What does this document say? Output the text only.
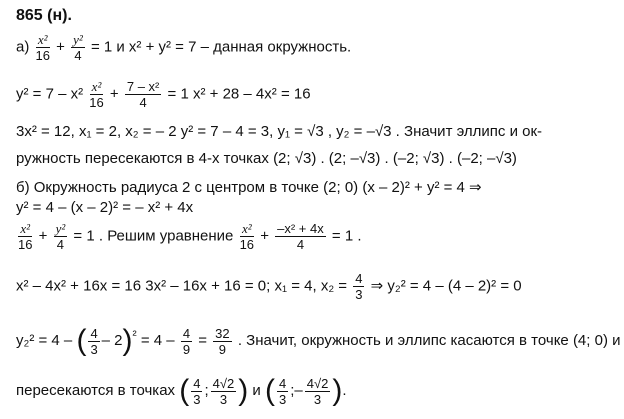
865 (н).
$а) \frac{\text{x²}}{16} + \frac{\text{y²}}{4} = 1$ и x² + y² = 7 – данная окружность.
$y^2 = 7 - x^2 \frac{\text{x²}}{16} + \frac{\text{7 – x²}}{4} = 1$ x² + 28 – 4x² = 16
3x² = 12, x₁ = 2, x₂ = – 2 y² = 7 – 4 = 3, y₁ = √3 , y₂ = –√3 . Значит эллипс и ок-
ружность пересекаются в 4-х точках (2; √3) . (2; –√3) . (–2; √3) . (–2; –√3)
б) Окружность радиуса 2 с центром в точке (2; 0) (x – 2)² + y² = 4 ⇒
y² = 4 – (x – 2)² = – x² + 4x
$\frac{\text{x²}}{16} + \frac{\text{y²}}{4} = 1$ . Решим уравнение $\frac{\text{x²}}{16} + \frac{\text{–x² + 4x}}{4} = 1$ .
x² – 4x² + 16x = 16 3x² – 16x + 16 = 0; x₁ = 4, $x_2 = \frac{4}{3}$ ⇒ y₂² = 4 – (4 – 2)² = 0
y₂² = 4 – ( $\frac{4}{3} - 2)^{^2} = 4 - \frac{4}{9} = \frac{32}{9}$ . Значит, окружность и эллипс касаются в точке (4; 0) и
пересекаются в точках ( $\frac{4}{3}$ ; $\frac{4√2}{3}$ ) и ( $\frac{4}{3}$ ;– $\frac{4√2}{3}$ ).
